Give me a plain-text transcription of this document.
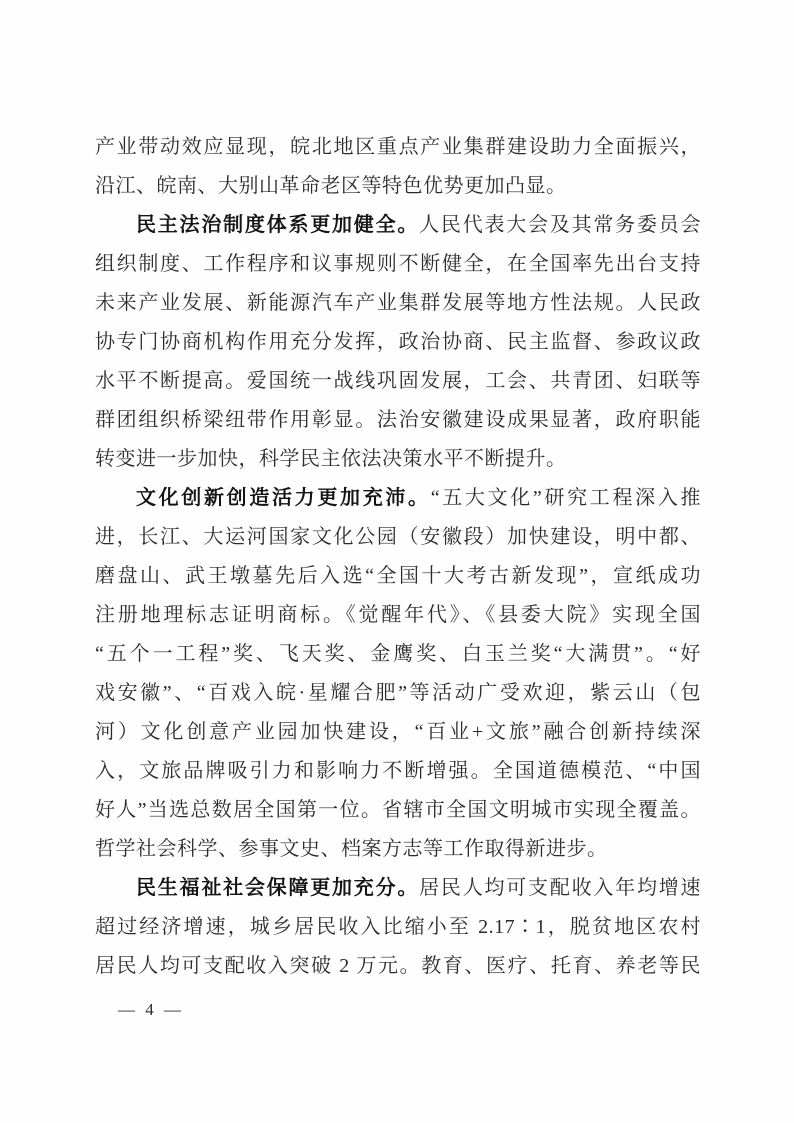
产业带动效应显现，皖北地区重点产业集群建设助力全面振兴，
沿江、皖南、大别山革命老区等特色优势更加凸显。
民主法治制度体系更加健全。人民代表大会及其常务委员会
组织制度、工作程序和议事规则不断健全，在全国率先出台支持
未来产业发展、新能源汽车产业集群发展等地方性法规。人民政
协专门协商机构作用充分发挥，政治协商、民主监督、参政议政
水平不断提高。爱国统一战线巩固发展，工会、共青团、妇联等
群团组织桥梁纽带作用彰显。法治安徽建设成果显著，政府职能
转变进一步加快，科学民主依法决策水平不断提升。
文化创新创造活力更加充沛。“五大文化”研究工程深入推
进，长江、大运河国家文化公园（安徽段）加快建设，明中都、
磨盘山、武王墩墓先后入选“全国十大考古新发现”，宣纸成功
注册地理标志证明商标。《觉醒年代》、《县委大院》实现全国
“五个一工程”奖、飞天奖、金鹰奖、白玉兰奖“大满贯”。“好
戏安徽”、“百戏入皖·星耀合肥”等活动广受欢迎，紫云山（包
河）文化创意产业园加快建设，“百业+文旅”融合创新持续深
入，文旅品牌吸引力和影响力不断增强。全国道德模范、“中国
好人”当选总数居全国第一位。省辖市全国文明城市实现全覆盖。
哲学社会科学、参事文史、档案方志等工作取得新进步。
民生福祉社会保障更加充分。居民人均可支配收入年均增速
超过经济增速，城乡居民收入比缩小至 2.17∶1，脱贫地区农村
居民人均可支配收入突破 2 万元。教育、医疗、托育、养老等民
— 4 —
